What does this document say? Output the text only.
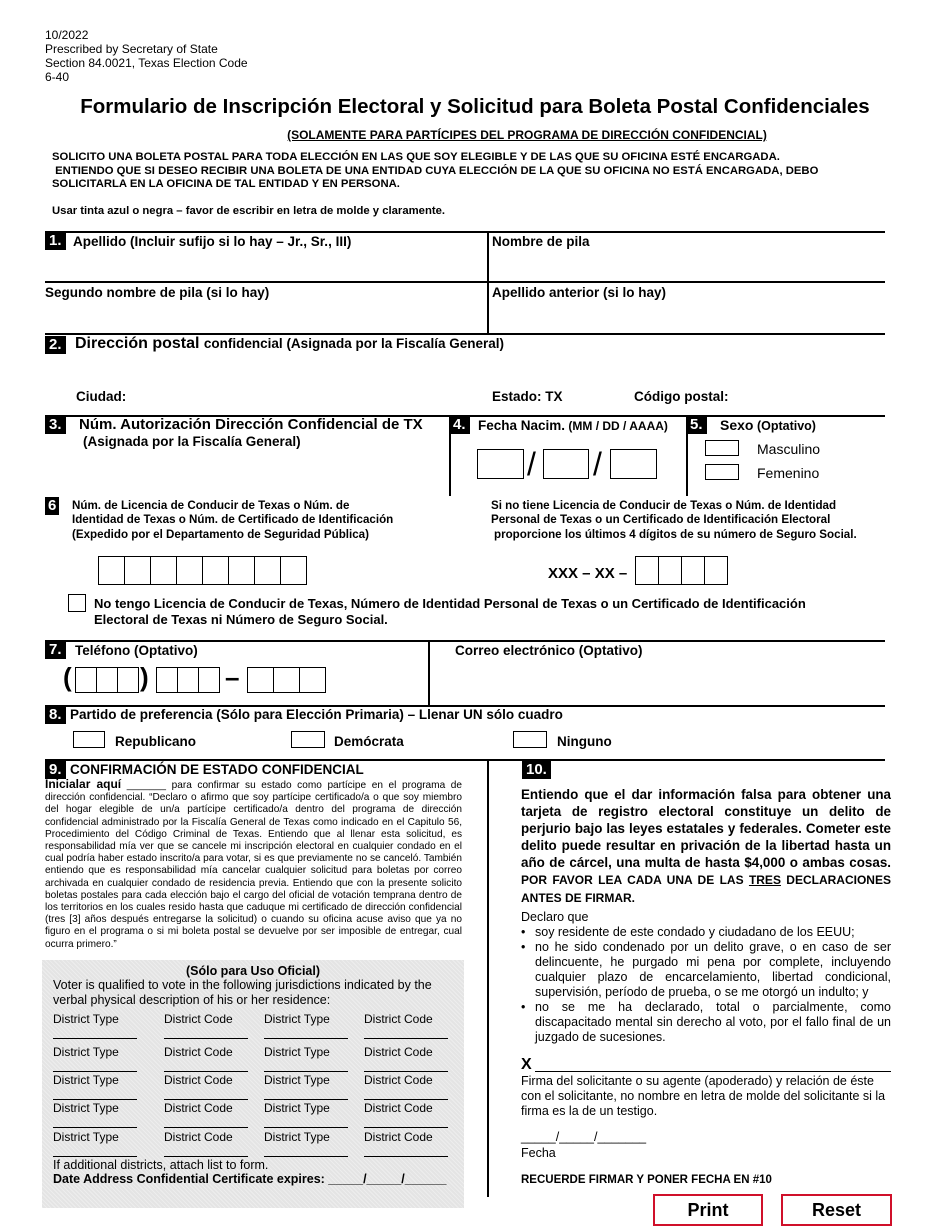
10/2022
Prescribed by Secretary of State
Section 84.0021, Texas Election Code
6-40
Formulario de Inscripción Electoral y Solicitud para Boleta Postal Confidenciales
(SOLAMENTE PARA PARTÍCIPES DEL PROGRAMA DE DIRECCIÓN CONFIDENCIAL)
SOLICITO UNA BOLETA POSTAL PARA TODA ELECCIÓN EN LAS QUE SOY ELEGIBLE Y DE LAS QUE SU OFICINA ESTÉ ENCARGADA.
ENTIENDO QUE SI DESEO RECIBIR UNA BOLETA DE UNA ENTIDAD CUYA ELECCIÓN DE LA QUE SU OFICINA NO ESTÁ ENCARGADA, DEBO
SOLICITARLA EN LA OFICINA DE TAL ENTIDAD Y EN PERSONA.
Usar tinta azul o negra – favor de escribir en letra de molde y claramente.
1. Apellido (Incluir sufijo si lo hay – Jr., Sr., III)	Nombre de pila
Segundo nombre de pila (si lo hay)	Apellido anterior (si lo hay)
2. Dirección postal confidencial (Asignada por la Fiscalía General)
Ciudad:	Estado: TX	Código postal:
3. Núm. Autorización Dirección Confidencial de TX
(Asignada por la Fiscalía General)
4. Fecha Nacim. (MM / DD / AAAA)
/ /
5. Sexo (Optativo)
Masculino
Femenino
6 Núm. de Licencia de Conducir de Texas o Núm. de
Identidad de Texas o Núm. de Certificado de Identificación
(Expedido por el Departamento de Seguridad Pública)
Si no tiene Licencia de Conducir de Texas o Núm. de Identidad
Personal de Texas o un Certificado de Identificación Electoral
proporcione los últimos 4 dígitos de su número de Seguro Social.
XXX – XX –
No tengo Licencia de Conducir de Texas, Número de Identidad Personal de Texas o un Certificado de Identificación
Electoral de Texas ni Número de Seguro Social.
7. Teléfono (Optativo)	Correo electrónico (Optativo)
(	)	–
8. Partido de preferencia (Sólo para Elección Primaria) – Llenar UN sólo cuadro
Republicano	Demócrata	Ninguno
9. CONFIRMACIÓN DE ESTADO CONFIDENCIAL
Inicialar aquí _______ para confirmar su estado como partícipe en el programa de dirección confidencial. “Declaro o afirmo que soy partícipe certificado/a o que soy miembro del hogar elegible de un/a partícipe certificado/a dentro del programa de dirección confidencial administrado por la Fiscalía General de Texas como indicado en el Capitulo 56, Procedimiento del Código Criminal de Texas. Entiendo que al llenar esta solicitud, es responsabilidad mía ver que se cancele mi inscripción electoral en cualquier condado en el cual podría haber estado inscrito/a para votar, si es que previamente no se canceló. También entiendo que es responsabilidad mía cancelar cualquier solicitud para boletas por correo archivada en cualquier condado de residencia previa. Entiendo que con la presente solicito boletas postales para cada elección bajo el cargo del oficial de votación temprana dentro de los territorios en los cuales resido hasta que caduque mi certificado de dirección confidencial (tres [3] años después entregarse la solicitud) o cuando su oficina acuse aviso que ya no figuro en el programa o si mi boleta postal se devuelve por ser imposible de entregar, cual ocurra primero.”
(Sólo para Uso Oficial)
Voter is qualified to vote in the following jurisdictions indicated by the verbal physical description of his or her residence:
District Type	District Code	District Type	District Code
District Type	District Code	District Type	District Code
District Type	District Code	District Type	District Code
District Type	District Code	District Type	District Code
District Type	District Code	District Type	District Code
If additional districts, attach list to form.
Date Address Confidential Certificate expires: _____/_____/______
10.
Entiendo que el dar información falsa para obtener una tarjeta de registro electoral constituye un delito de perjurio bajo las leyes estatales y federales. Cometer este delito puede resultar en privación de la libertad hasta un año de cárcel, una multa de hasta $4,000 o ambas cosas. POR FAVOR LEA CADA UNA DE LAS TRES DECLARACIONES ANTES DE FIRMAR.
Declaro que
• soy residente de este condado y ciudadano de los EEUU;
• no he sido condenado por un delito grave, o en caso de ser delincuente, he purgado mi pena por complete, incluyendo cualquier plazo de encarcelamiento, libertad condicional, supervisión, período de prueba, o se me otorgó un indulto; y
• no se me ha declarado, total o parcialmente, como discapacitado mental sin derecho al voto, por el fallo final de un juzgado de sucesiones.
X
Firma del solicitante o su agente (apoderado) y relación de éste con el solicitante, no nombre en letra de molde del solicitante si la firma es la de un testigo.
_____/_____/_______
Fecha
RECUERDE FIRMAR Y PONER FECHA EN #10
Print	Reset
